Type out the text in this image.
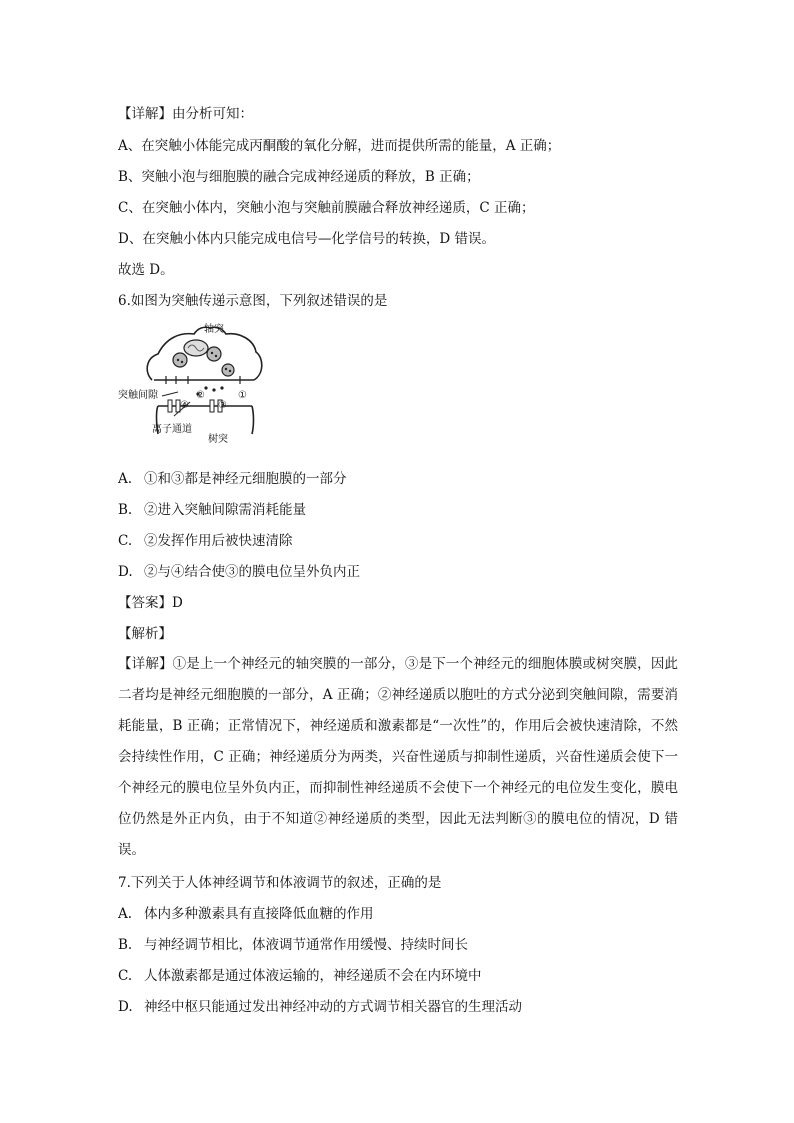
【详解】由分析可知：
A、在突触小体能完成丙酮酸的氧化分解，进而提供所需的能量，A 正确；
B、突触小泡与细胞膜的融合完成神经递质的释放，B 正确；
C、在突触小体内，突触小泡与突触前膜融合释放神经递质，C 正确；
D、在突触小体内只能完成电信号—化学信号的转换，D 错误。
故选 D。
6.如图为突触传递示意图，下列叙述错误的是
轴突
突触间隙
离子通道
树突
①
②
③
④
A. ①和③都是神经元细胞膜的一部分
B. ②进入突触间隙需消耗能量
C. ②发挥作用后被快速清除
D. ②与④结合使③的膜电位呈外负内正
【答案】D
【解析】
【详解】①是上一个神经元的轴突膜的一部分，③是下一个神经元的细胞体膜或树突膜，因此二者均是神经元细胞膜的一部分，A 正确；②神经递质以胞吐的方式分泌到突触间隙，需要消耗能量，B 正确；正常情况下，神经递质和激素都是“一次性”的，作用后会被快速清除，不然会持续性作用，C 正确；神经递质分为两类，兴奋性递质与抑制性递质，兴奋性递质会使下一个神经元的膜电位呈外负内正，而抑制性神经递质不会使下一个神经元的电位发生变化，膜电位仍然是外正内负，由于不知道②神经递质的类型，因此无法判断③的膜电位的情况，D 错误。
7.下列关于人体神经调节和体液调节的叙述，正确的是
A. 体内多种激素具有直接降低血糖的作用
B. 与神经调节相比，体液调节通常作用缓慢、持续时间长
C. 人体激素都是通过体液运输的，神经递质不会在内环境中
D. 神经中枢只能通过发出神经冲动的方式调节相关器官的生理活动
